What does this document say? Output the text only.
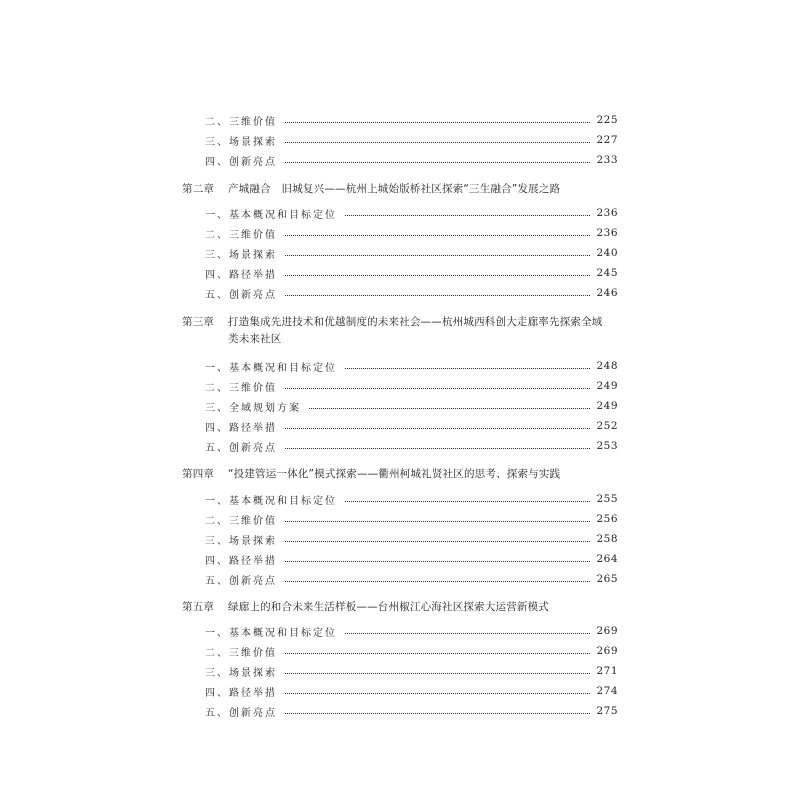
二、三维价值	225
三、场景探索	227
四、创新亮点	233
第二章 产城融合　旧城复兴——杭州上城始版桥社区探索“三生融合”发展之路
一、基本概况和目标定位	236
二、三维价值	236
三、场景探索	240
四、路径举措	245
五、创新亮点	246
第三章 打造集成先进技术和优越制度的未来社会——杭州城西科创大走廊率先探索全域
类未来社区
一、基本概况和目标定位	248
二、三维价值	249
三、全域规划方案	249
四、路径举措	252
五、创新亮点	253
第四章 “投建管运一体化”模式探索——衢州柯城礼贤社区的思考、探索与实践
一、基本概况和目标定位	255
二、三维价值	256
三、场景探索	258
四、路径举措	264
五、创新亮点	265
第五章 绿廊上的和合未来生活样板——台州椒江心海社区探索大运营新模式
一、基本概况和目标定位	269
二、三维价值	269
三、场景探索	271
四、路径举措	274
五、创新亮点	275
